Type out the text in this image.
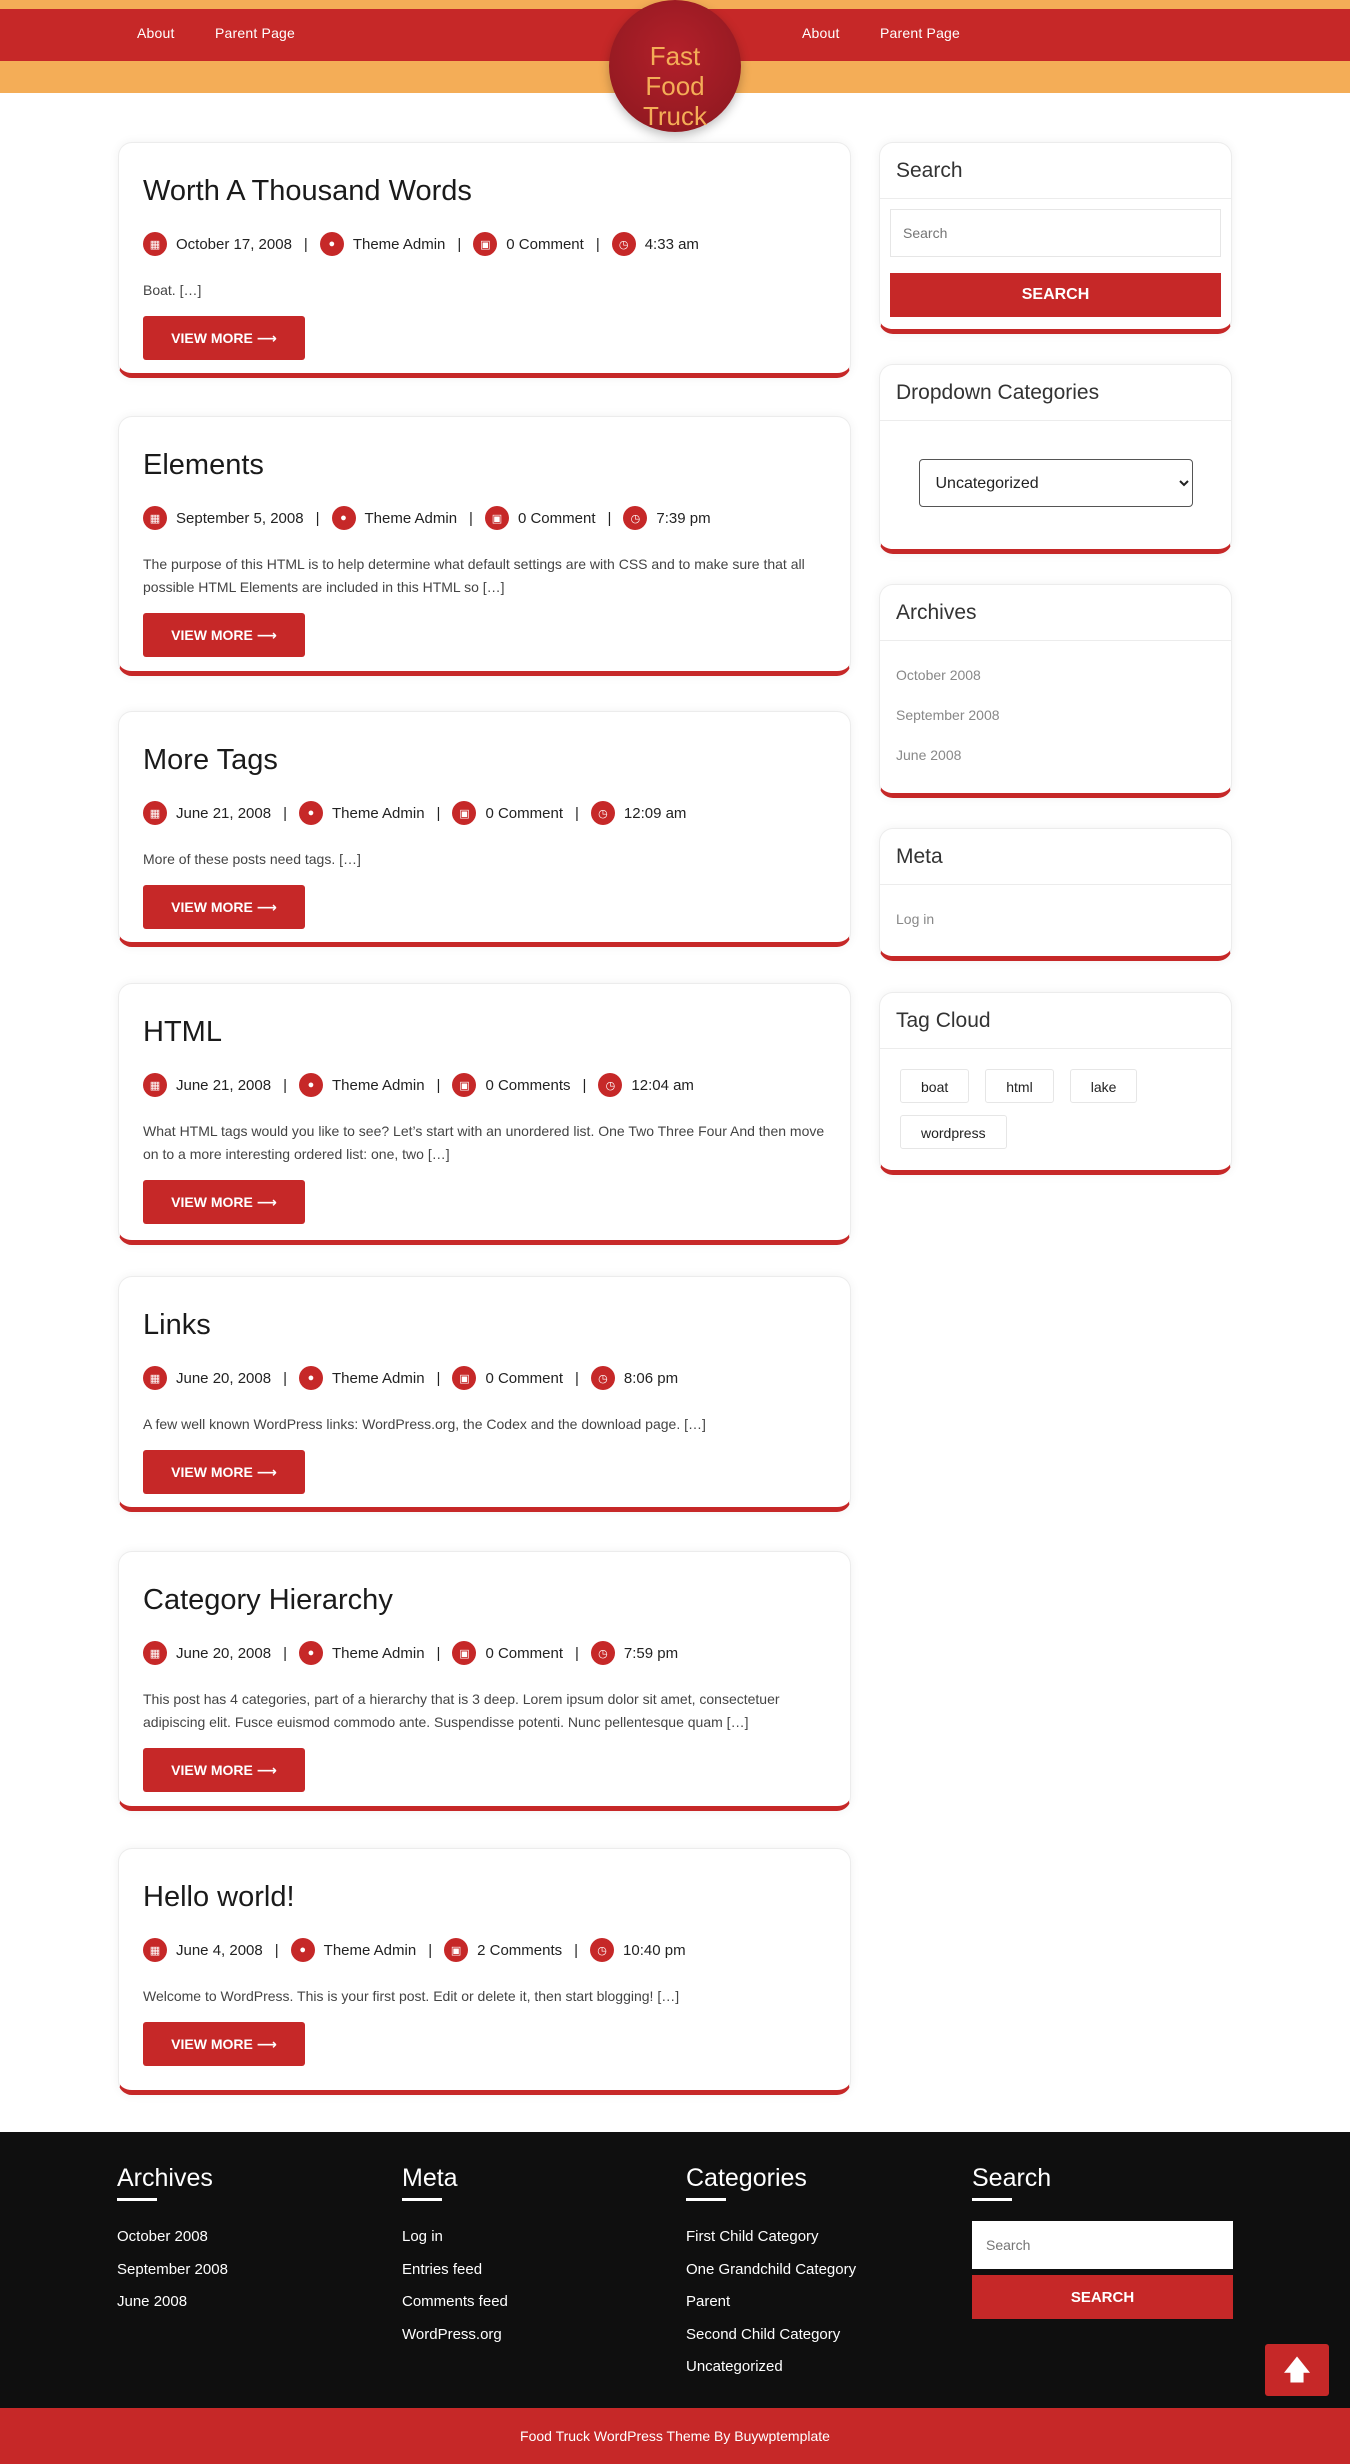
About	Parent Page	About	Parent Page
Fast Food
Truck
Worth A Thousand Words
▦	October 17, 2008 |	●	Theme Admin |	▣	0 Comment |	◷	4:33 am

Boat. […]

VIEW MORE ⟶
Elements
▦	September 5, 2008 |	●	Theme Admin |	▣	0 Comment |	◷	7:39 pm

The purpose of this HTML is to help determine what default settings are with CSS and to make sure that all possible HTML Elements are included in this HTML so […]

VIEW MORE ⟶
More Tags
▦	June 21, 2008 |	●	Theme Admin |	▣	0 Comment |	◷	12:09 am

More of these posts need tags. […]

VIEW MORE ⟶
HTML
▦	June 21, 2008 |	●	Theme Admin |	▣	0 Comments |	◷	12:04 am

What HTML tags would you like to see? Let’s start with an unordered list. One Two Three Four And then move on to a more interesting ordered list: one, two […]

VIEW MORE ⟶
Links
▦	June 20, 2008 |	●	Theme Admin |	▣	0 Comment |	◷	8:06 pm

A few well known WordPress links: WordPress.org, the Codex and the download page. […]

VIEW MORE ⟶
Category Hierarchy
▦	June 20, 2008 |	●	Theme Admin |	▣	0 Comment |	◷	7:59 pm

This post has 4 categories, part of a hierarchy that is 3 deep. Lorem ipsum dolor sit amet, consectetuer adipiscing elit. Fusce euismod commodo ante. Suspendisse potenti. Nunc pellentesque quam […]

VIEW MORE ⟶
Hello world!
▦	June 4, 2008 |	●	Theme Admin |	▣	2 Comments |	◷	10:40 pm

Welcome to WordPress. This is your first post. Edit or delete it, then start blogging! […]

VIEW MORE ⟶
Search
Search
SEARCH
Dropdown Categories
Uncategorized
Archives
October 2008
September 2008
June 2008
Meta
Log in
Tag Cloud
boat	html	lake
wordpress
Archives
October 2008
September 2008
June 2008
Meta
Log in
Entries feed
Comments feed
WordPress.org
Categories
First Child Category
One Grandchild Category
Parent
Second Child Category
Uncategorized
Search
Search
SEARCH
🡅
Food Truck WordPress Theme By Buywptemplate
